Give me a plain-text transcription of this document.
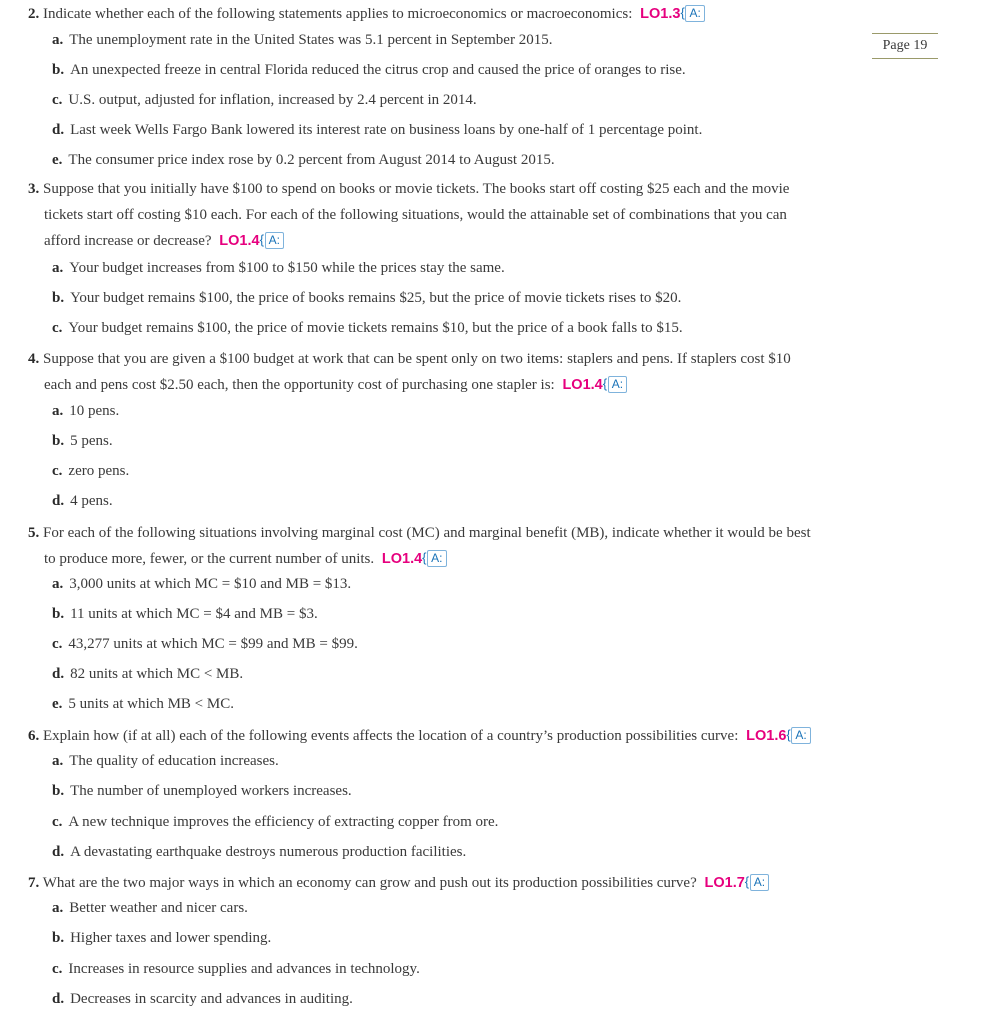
Page 19
2. Indicate whether each of the following statements applies to microeconomics or macroeconomics: LO1.3 { A:
a. The unemployment rate in the United States was 5.1 percent in September 2015.
b. An unexpected freeze in central Florida reduced the citrus crop and caused the price of oranges to rise.
c. U.S. output, adjusted for inflation, increased by 2.4 percent in 2014.
d. Last week Wells Fargo Bank lowered its interest rate on business loans by one-half of 1 percentage point.
e. The consumer price index rose by 0.2 percent from August 2014 to August 2015.
3. Suppose that you initially have $100 to spend on books or movie tickets. The books start off costing $25 each and the movie
tickets start off costing $10 each. For each of the following situations, would the attainable set of combinations that you can
afford increase or decrease? LO1.4 { A:
a. Your budget increases from $100 to $150 while the prices stay the same.
b. Your budget remains $100, the price of books remains $25, but the price of movie tickets rises to $20.
c. Your budget remains $100, the price of movie tickets remains $10, but the price of a book falls to $15.
4. Suppose that you are given a $100 budget at work that can be spent only on two items: staplers and pens. If staplers cost $10
each and pens cost $2.50 each, then the opportunity cost of purchasing one stapler is: LO1.4 { A:
a. 10 pens.
b. 5 pens.
c. zero pens.
d. 4 pens.
5. For each of the following situations involving marginal cost (MC) and marginal benefit (MB), indicate whether it would be best
to produce more, fewer, or the current number of units. LO1.4 { A:
a. 3,000 units at which MC = $10 and MB = $13.
b. 11 units at which MC = $4 and MB = $3.
c. 43,277 units at which MC = $99 and MB = $99.
d. 82 units at which MC < MB.
e. 5 units at which MB < MC.
6. Explain how (if at all) each of the following events affects the location of a country’s production possibilities curve: LO1.6 { A:
a. The quality of education increases.
b. The number of unemployed workers increases.
c. A new technique improves the efficiency of extracting copper from ore.
d. A devastating earthquake destroys numerous production facilities.
7. What are the two major ways in which an economy can grow and push out its production possibilities curve? LO1.7 { A:
a. Better weather and nicer cars.
b. Higher taxes and lower spending.
c. Increases in resource supplies and advances in technology.
d. Decreases in scarcity and advances in auditing.
